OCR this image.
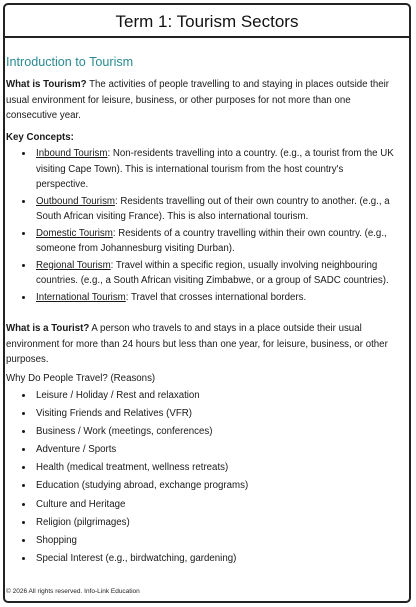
Term 1: Tourism Sectors
Introduction to Tourism

What is Tourism? The activities of people travelling to and staying in places outside their usual environment for leisure, business, or other purposes for not more than one consecutive year.

Key Concepts:
• Inbound Tourism: Non-residents travelling into a country. (e.g., a tourist from the UK visiting Cape Town). This is international tourism from the host country's perspective.
• Outbound Tourism: Residents travelling out of their own country to another. (e.g., a South African visiting France). This is also international tourism.
• Domestic Tourism: Residents of a country travelling within their own country. (e.g., someone from Johannesburg visiting Durban).
• Regional Tourism: Travel within a specific region, usually involving neighbouring countries. (e.g., a South African visiting Zimbabwe, or a group of SADC countries).
• International Tourism: Travel that crosses international borders.

What is a Tourist? A person who travels to and stays in a place outside their usual environment for more than 24 hours but less than one year, for leisure, business, or other purposes.

Why Do People Travel? (Reasons)
• Leisure / Holiday / Rest and relaxation
• Visiting Friends and Relatives (VFR)
• Business / Work (meetings, conferences)
• Adventure / Sports
• Health (medical treatment, wellness retreats)
• Education (studying abroad, exchange programs)
• Culture and Heritage
• Religion (pilgrimages)
• Shopping
• Special Interest (e.g., birdwatching, gardening)
© 2026 All rights reserved. Info-Link Education
